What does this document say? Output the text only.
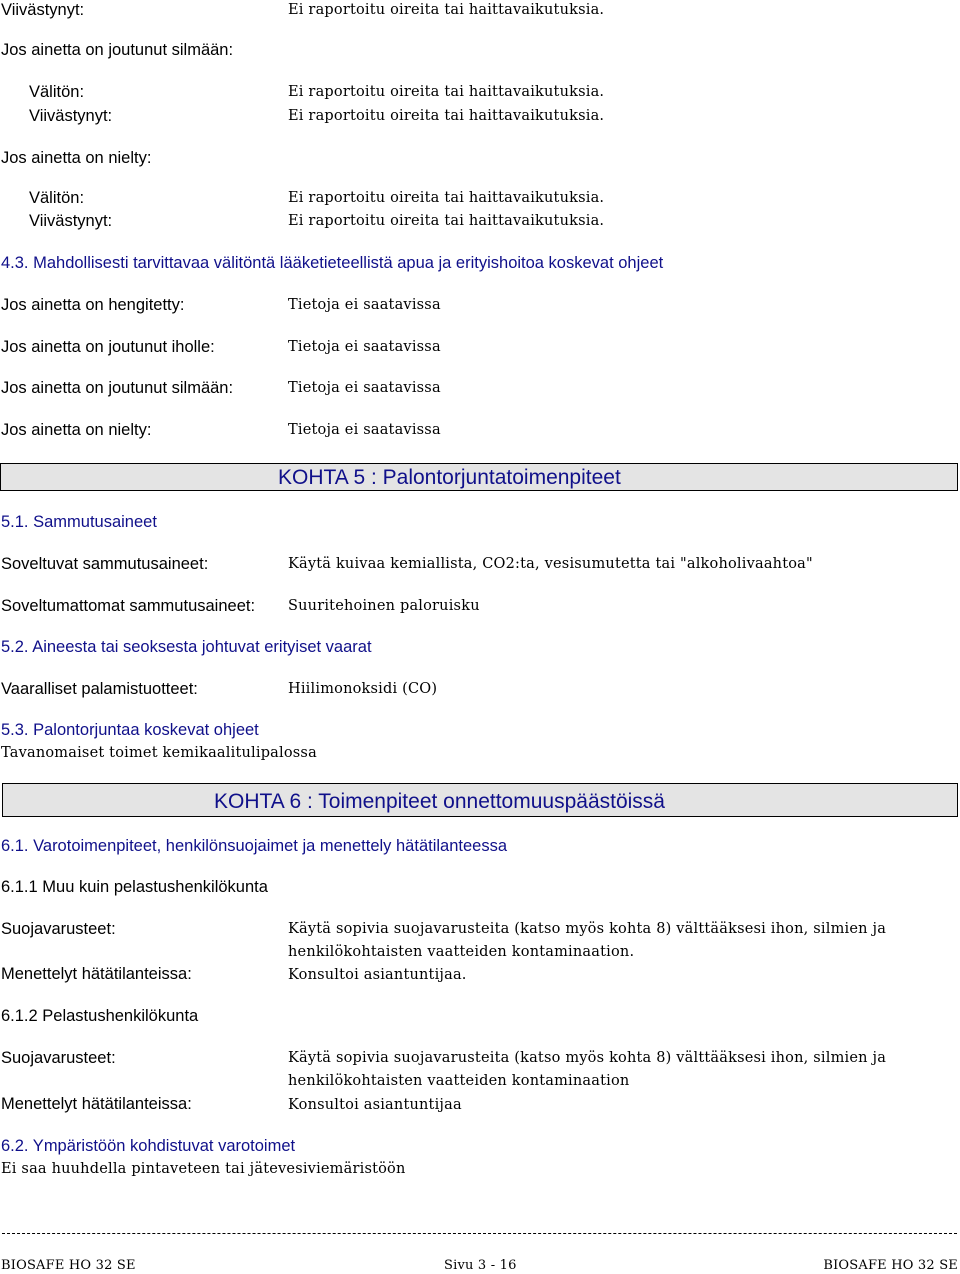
Viivästynyt:	Ei raportoitu oireita tai haittavaikutuksia.
Jos ainetta on joutunut silmään:
Välitön:	Ei raportoitu oireita tai haittavaikutuksia.
Viivästynyt:	Ei raportoitu oireita tai haittavaikutuksia.
Jos ainetta on nielty:
Välitön:	Ei raportoitu oireita tai haittavaikutuksia.
Viivästynyt:	Ei raportoitu oireita tai haittavaikutuksia.
4.3. Mahdollisesti tarvittavaa välitöntä lääketieteellistä apua ja erityishoitoa koskevat ohjeet
Jos ainetta on hengitetty:	Tietoja ei saatavissa
Jos ainetta on joutunut iholle:	Tietoja ei saatavissa
Jos ainetta on joutunut silmään:	Tietoja ei saatavissa
Jos ainetta on nielty:	Tietoja ei saatavissa
KOHTA 5 : Palontorjuntatoimenpiteet
5.1. Sammutusaineet
Soveltuvat sammutusaineet:	Käytä kuivaa kemiallista, CO2:ta, vesisumutetta tai "alkoholivaahtoa"
Soveltumattomat sammutusaineet: Suuritehoinen paloruisku
5.2. Aineesta tai seoksesta johtuvat erityiset vaarat
Vaaralliset palamistuotteet:	Hiilimonoksidi (CO)
5.3. Palontorjuntaa koskevat ohjeet
Tavanomaiset toimet kemikaalitulipalossa
KOHTA 6 : Toimenpiteet onnettomuuspäästöissä
6.1. Varotoimenpiteet, henkilönsuojaimet ja menettely hätätilanteessa
6.1.1 Muu kuin pelastushenkilökunta
Suojavarusteet:	Käytä sopivia suojavarusteita (katso myös kohta 8) välttääksesi ihon, silmien ja
henkilökohtaisten vaatteiden kontaminaation.
Menettelyt hätätilanteissa:	Konsultoi asiantuntijaa.
6.1.2 Pelastushenkilökunta
Suojavarusteet:	Käytä sopivia suojavarusteita (katso myös kohta 8) välttääksesi ihon, silmien ja
henkilökohtaisten vaatteiden kontaminaation
Menettelyt hätätilanteissa:	Konsultoi asiantuntijaa
6.2. Ympäristöön kohdistuvat varotoimet
Ei saa huuhdella pintaveteen tai jätevesiviemäristöön
BIOSAFE HO 32 SE	Sivu 3 - 16	BIOSAFE HO 32 SE
